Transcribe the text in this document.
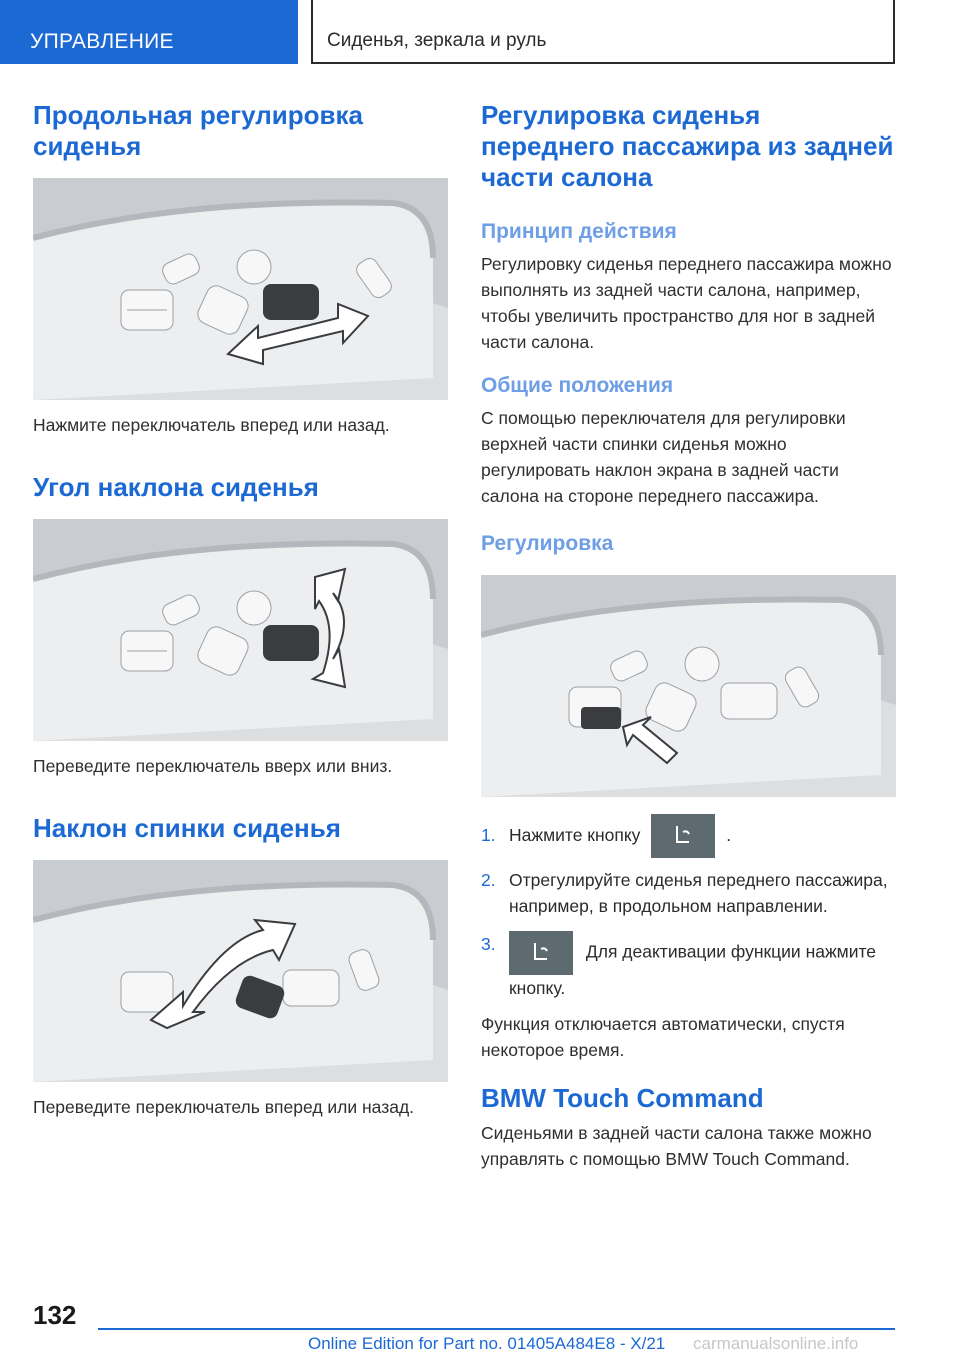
УПРАВЛЕНИЕ	Сиденья, зеркала и руль
Продольная регулировка сиденья

Нажмите переключатель вперед или назад.

Угол наклона сиденья

Переведите переключатель вверх или вниз.

Наклон спинки сиденья

Переведите переключатель вперед или назад.

Регулировка сиденья переднего пассажира из задней части салона
Принцип действия

Регулировку сиденья переднего пассажира можно выполнять из задней части салона, например, чтобы увеличить пространство для ног в задней части салона.

Общие положения

С помощью переключателя для регулировки верхней части спинки сиденья можно регулировать наклон экрана в задней части салона на стороне переднего пассажира.

Регулировка
1. Нажмите кнопку	.
2. Отрегулируйте сиденья переднего пассажира, например, в продольном направлении.
3.	Для деактивации функции нажмите кнопку.

Функция отключается автоматически, спустя некоторое время.

BMW Touch Command

Сиденьями в задней части салона также можно управлять с помощью BMW Touch Command.

132
Online Edition for Part no. 01405A484E8 - X/21 carmanualsonline.info
